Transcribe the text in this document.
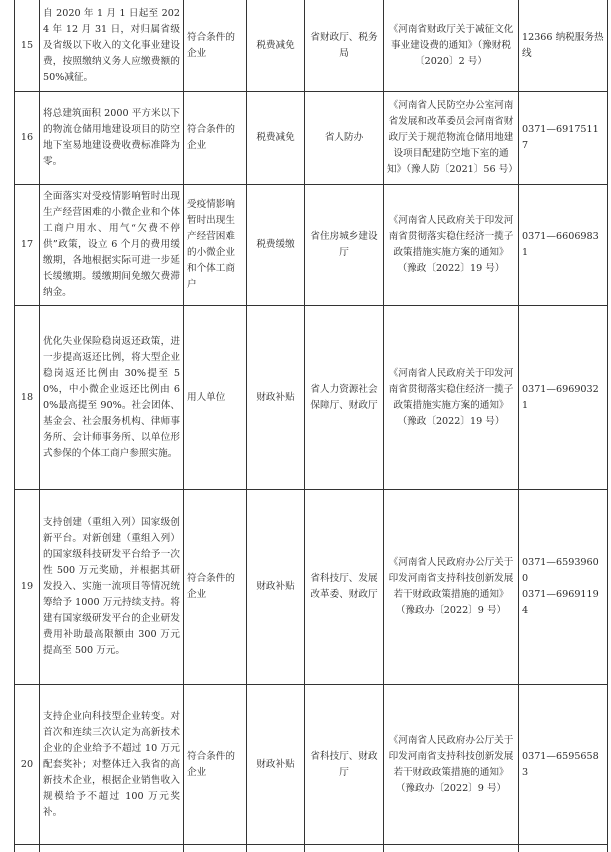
15	自 2020 年 1 月 1 日起至 2024 年 12 月 31 日，对归属省级及省级以下收入的文化事业建设费，按照缴纳义务人应缴费额的 50%减征。	符合条件的企业	税费减免	省财政厅、税务局	《河南省财政厅关于减征文化事业建设费的通知》（豫财税〔2020〕2 号）	12366 纳税服务热线

16	将总建筑面积 2000 平方米以下的物流仓储用地建设项目的防空地下室易地建设费收费标准降为零。	符合条件的企业	税费减免	省人防办	《河南省人民防空办公室河南省发展和改革委员会河南省财政厅关于规范物流仓储用地建设项目配建防空地下室的通知》（豫人防〔2021〕56 号）	0371—69175117

17	全面落实对受疫情影响暂时出现生产经营困难的小微企业和个体工商户用水、用气“欠费不停供”政策，设立 6 个月的费用缓缴期，各地根据实际可进一步延长缓缴期。缓缴期间免缴欠费滞纳金。	受疫情影响暂时出现生产经营困难的小微企业和个体工商户	税费缓缴	省住房城乡建设厅	《河南省人民政府关于印发河南省贯彻落实稳住经济一揽子政策措施实施方案的通知》（豫政〔2022〕19 号）	0371—66069831

18	优化失业保险稳岗返还政策，进一步提高返还比例，将大型企业稳岗返还比例由 30%提至 50%，中小微企业返还比例由 60%最高提至 90%。社会团体、基金会、社会服务机构、律师事务所、会计师事务所、以单位形式参保的个体工商户参照实施。	用人单位	财政补贴	省人力资源社会保障厅、财政厅	《河南省人民政府关于印发河南省贯彻落实稳住经济一揽子政策措施实施方案的通知》（豫政〔2022〕19 号）	0371—69690321

19	支持创建（重组入列）国家级创新平台。对新创建（重组入列）的国家级科技研发平台给予一次性 500 万元奖励，并根据其研发投入、实施一流项目等情况统筹给予 1000 万元持续支持。将建有国家级研发平台的企业研发费用补助最高限额由 300 万元提高至 500 万元。	符合条件的企业	财政补贴	省科技厅、发展改革委、财政厅	《河南省人民政府办公厅关于印发河南省支持科技创新发展若干财政政策措施的通知》（豫政办〔2022〕9 号）	0371—65939600
0371—69691194

20	支持企业向科技型企业转变。对首次和连续三次认定为高新技术企业的企业给予不超过 10 万元配套奖补；对整体迁入我省的高新技术企业，根据企业销售收入规模给予不超过 100 万元奖补。	符合条件的企业	财政补贴	省科技厅、财政厅	《河南省人民政府办公厅关于印发河南省支持科技创新发展若干财政政策措施的通知》（豫政办〔2022〕9 号）	0371—65956583
